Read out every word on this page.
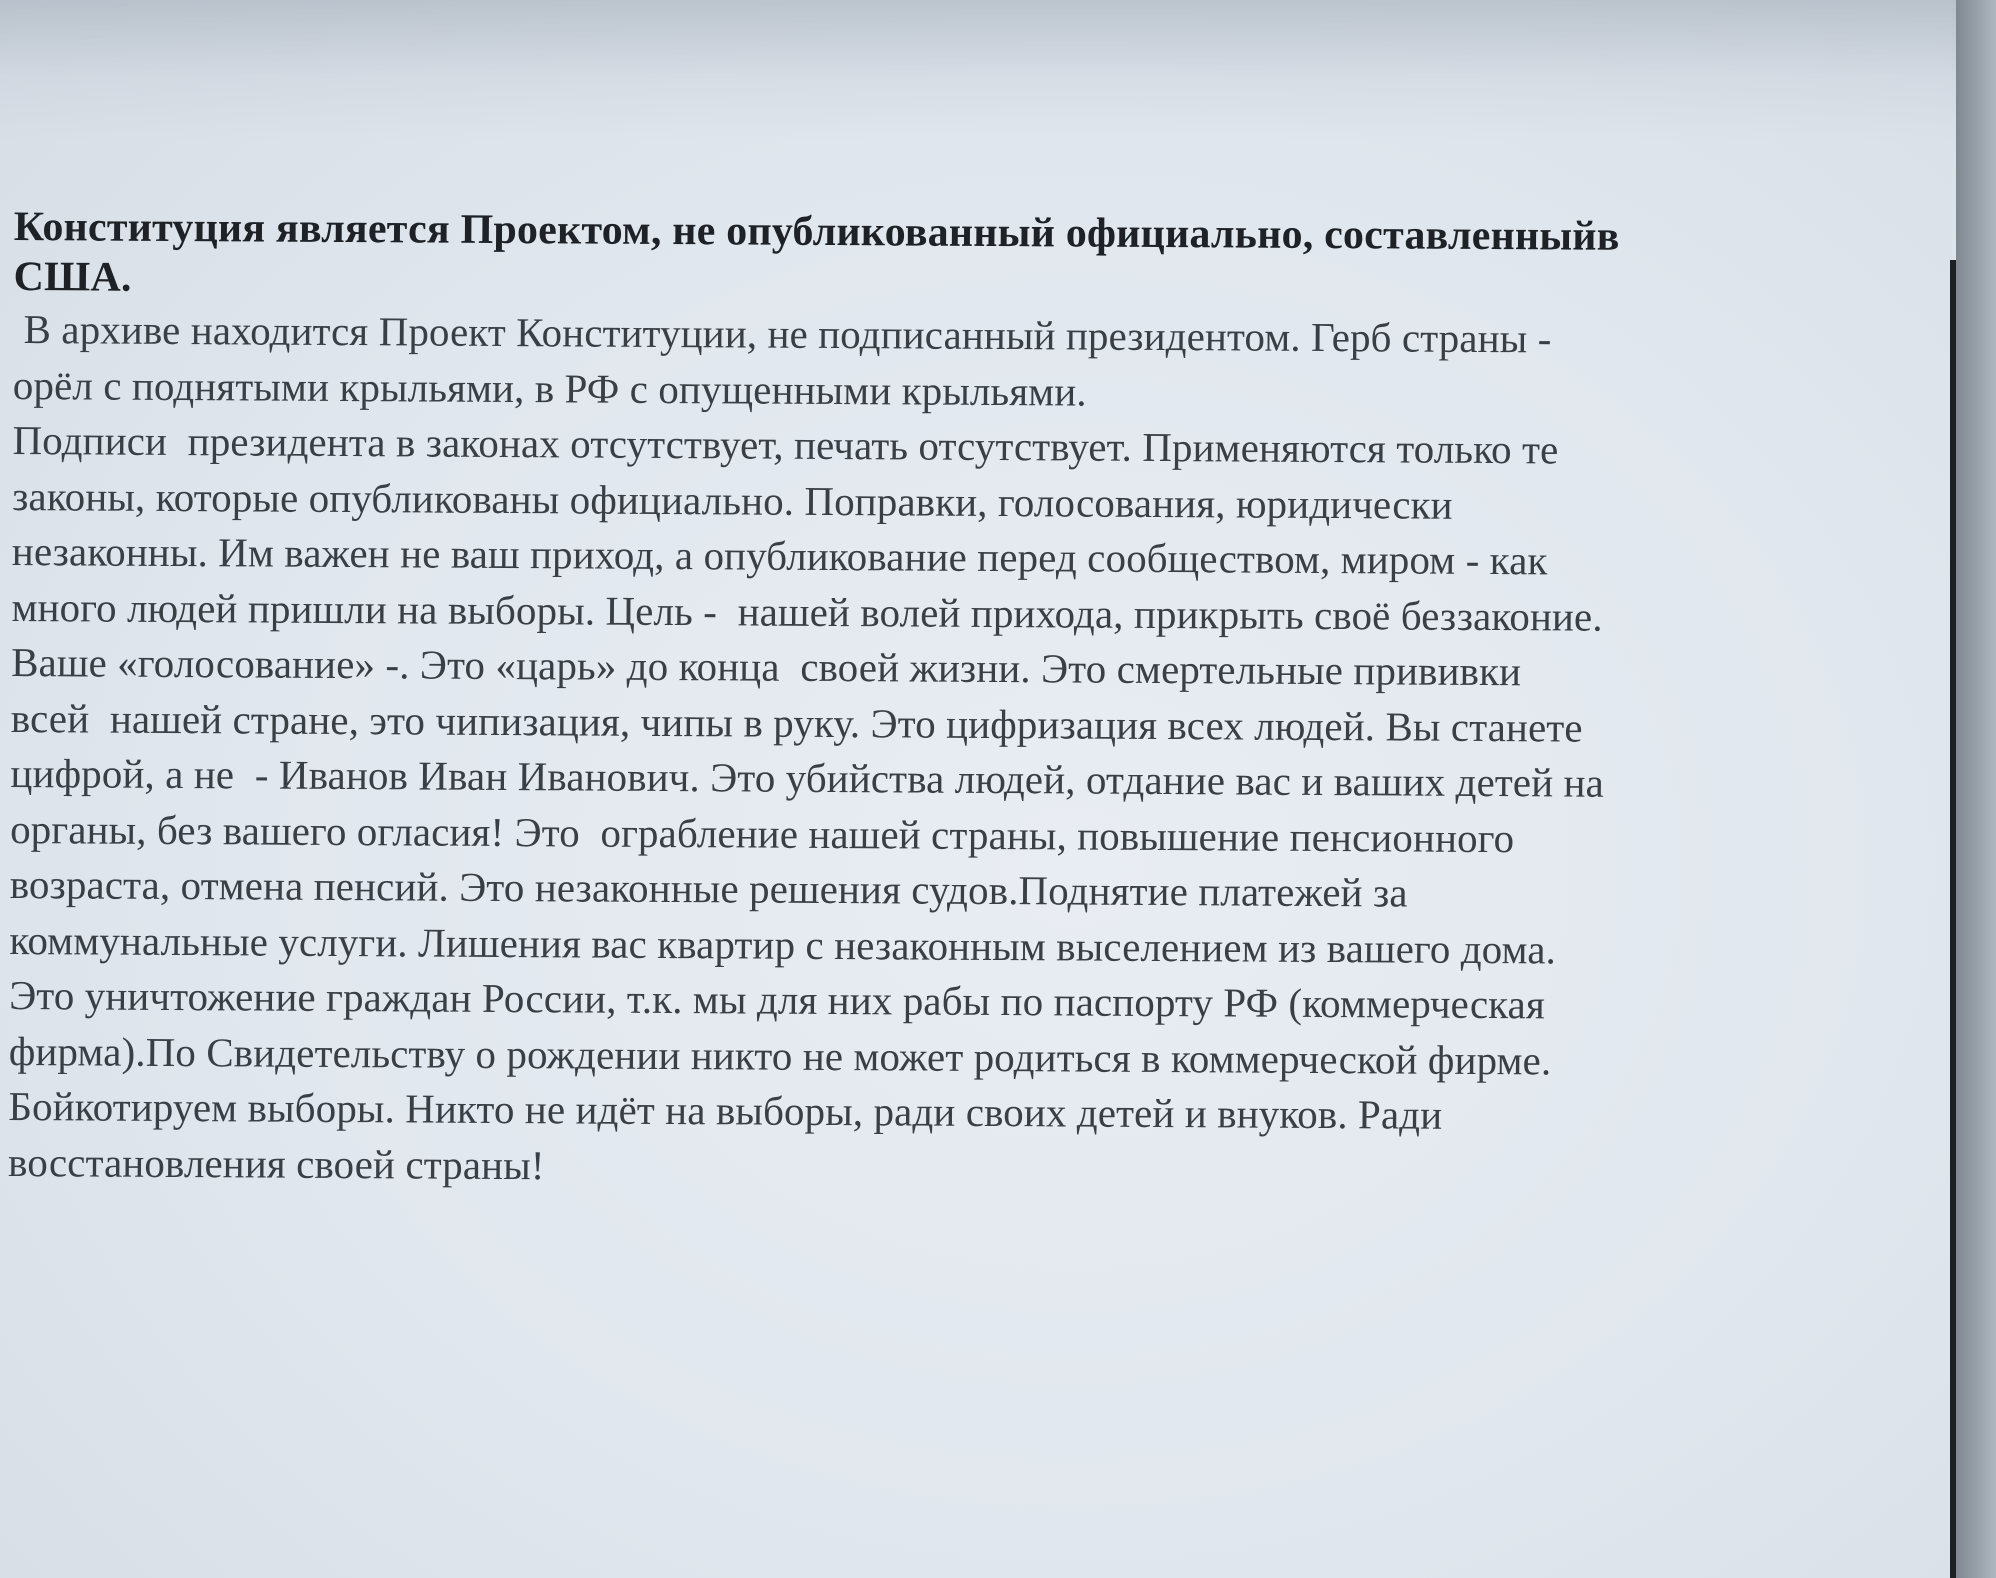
Конституция является Проектом, не опубликованный официально, составленныйв
США.

В архиве находится Проект Конституции, не подписанный президентом. Герб страны -
орёл с поднятыми крыльями, в РФ с опущенными крыльями.
Подписи  президента в законах отсутствует, печать отсутствует. Применяются только те
законы, которые опубликованы официально. Поправки, голосования, юридически
незаконны. Им важен не ваш приход, а опубликование перед сообществом, миром - как
много людей пришли на выборы. Цель -  нашей волей прихода, прикрыть своё беззаконие.
Ваше «голосование» -. Это «царь» до конца  своей жизни. Это смертельные прививки
всей  нашей стране, это чипизация, чипы в руку. Это цифризация всех людей. Вы станете
цифрой, а не  - Иванов Иван Иванович. Это убийства людей, отдание вас и ваших детей на
органы, без вашего огласия! Это  ограбление нашей страны, повышение пенсионного
возраста, отмена пенсий. Это незаконные решения судов.Поднятие платежей за
коммунальные услуги. Лишения вас квартир с незаконным выселением из вашего дома.
Это уничтожение граждан России, т.к. мы для них рабы по паспорту РФ (коммерческая
фирма).По Свидетельству о рождении никто не может родиться в коммерческой фирме.
Бойкотируем выборы. Никто не идёт на выборы, ради своих детей и внуков. Ради
восстановления своей страны!
